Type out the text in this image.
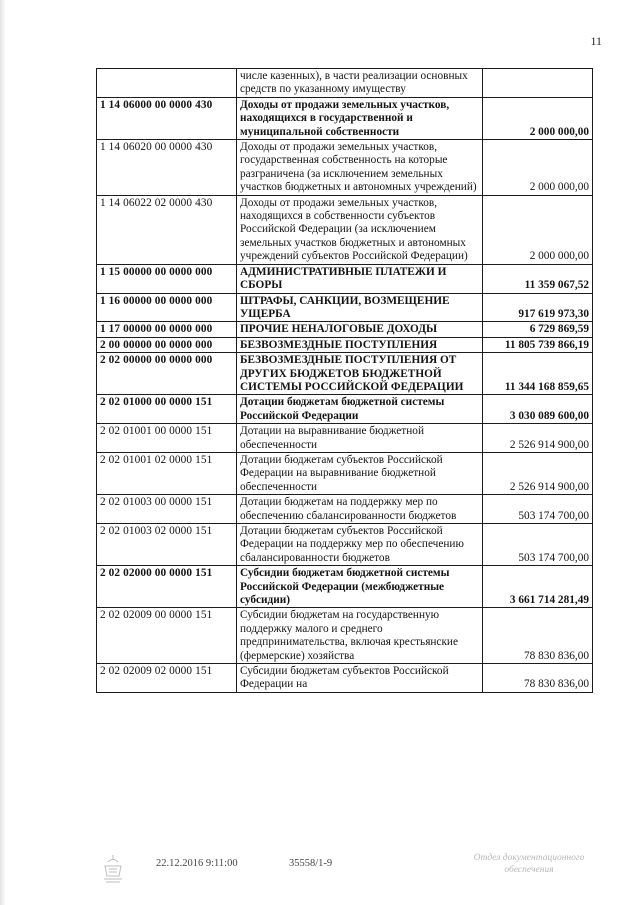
11
	числе казенных), в части реализации основных средств по указанному имуществу	
1 14 06000 00 0000 430	Доходы от продажи земельных участков, находящихся в государственной и муниципальной собственности	2 000 000,00
1 14 06020 00 0000 430	Доходы от продажи земельных участков, государственная собственность на которые разграничена (за исключением земельных участков бюджетных и автономных учреждений)	2 000 000,00
1 14 06022 02 0000 430	Доходы от продажи земельных участков, находящихся в собственности субъектов Российской Федерации (за исключением земельных участков бюджетных и автономных учреждений субъектов Российской Федерации)	2 000 000,00
1 15 00000 00 0000 000	АДМИНИСТРАТИВНЫЕ ПЛАТЕЖИ И СБОРЫ	11 359 067,52
1 16 00000 00 0000 000	ШТРАФЫ, САНКЦИИ, ВОЗМЕЩЕНИЕ УЩЕРБА	917 619 973,30
1 17 00000 00 0000 000	ПРОЧИЕ НЕНАЛОГОВЫЕ ДОХОДЫ	6 729 869,59
2 00 00000 00 0000 000	БЕЗВОЗМЕЗДНЫЕ ПОСТУПЛЕНИЯ	11 805 739 866,19
2 02 00000 00 0000 000	БЕЗВОЗМЕЗДНЫЕ ПОСТУПЛЕНИЯ ОТ ДРУГИХ БЮДЖЕТОВ БЮДЖЕТНОЙ СИСТЕМЫ РОССИЙСКОЙ ФЕДЕРАЦИИ	11 344 168 859,65
2 02 01000 00 0000 151	Дотации бюджетам бюджетной системы Российской Федерации	3 030 089 600,00
2 02 01001 00 0000 151	Дотации на выравнивание бюджетной обеспеченности	2 526 914 900,00
2 02 01001 02 0000 151	Дотации бюджетам субъектов Российской Федерации на выравнивание бюджетной обеспеченности	2 526 914 900,00
2 02 01003 00 0000 151	Дотации бюджетам на поддержку мер по обеспечению сбалансированности бюджетов	503 174 700,00
2 02 01003 02 0000 151	Дотации бюджетам субъектов Российской Федерации на поддержку мер по обеспечению сбалансированности бюджетов	503 174 700,00
2 02 02000 00 0000 151	Субсидии бюджетам бюджетной системы Российской Федерации (межбюджетные субсидии)	3 661 714 281,49
2 02 02009 00 0000 151	Субсидии бюджетам на государственную поддержку малого и среднего предпринимательства, включая крестьянские (фермерские) хозяйства	78 830 836,00
2 02 02009 02 0000 151	Субсидии бюджетам субъектов Российской Федерации на	78 830 836,00
22.12.2016 9:11:00	35558/1-9	Отдел документационного обеспечения
